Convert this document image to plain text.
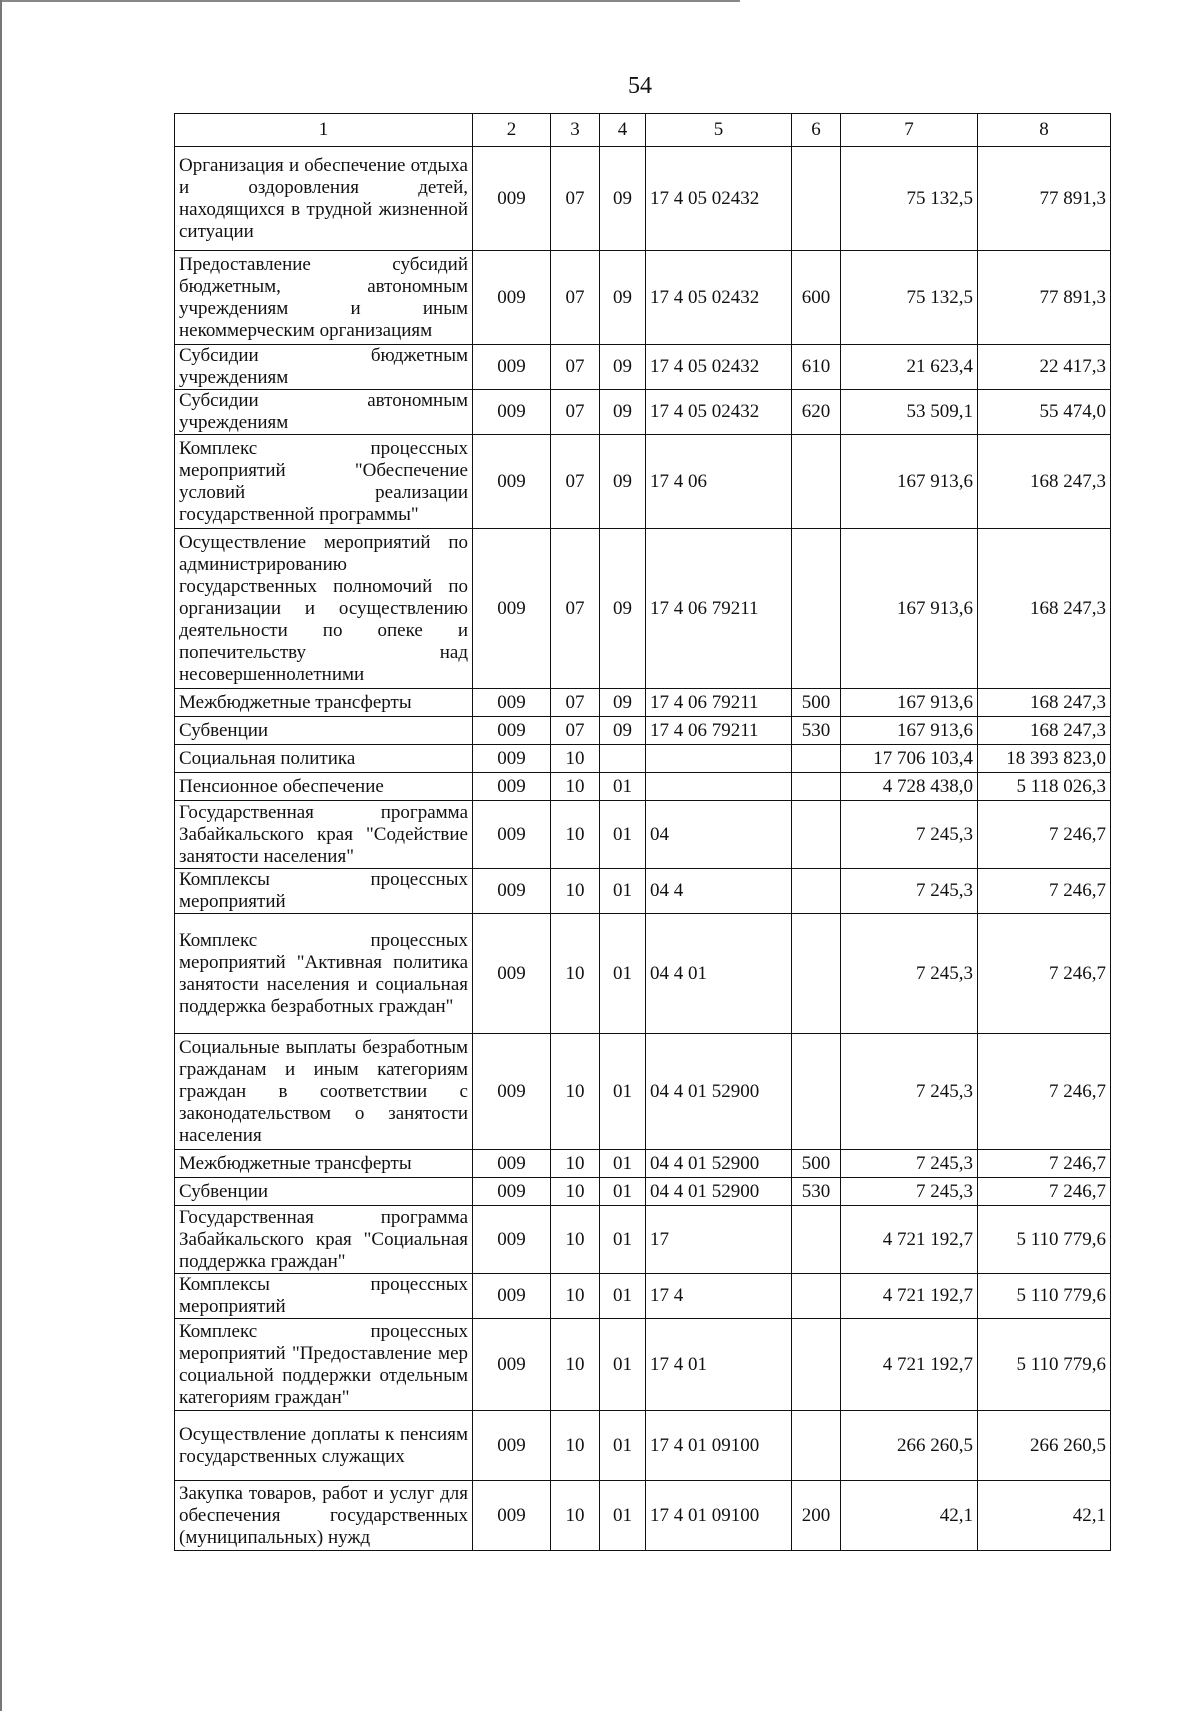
54
1	2	3	4	5	6	7	8
Организация и обеспечение отдыха и оздоровления детей, находящихся в трудной жизненной ситуации	009	07	09	17 4 05 02432		75 132,5	77 891,3
Предоставление субсидий бюджетным, автономным учреждениям и иным некоммерческим организациям	009	07	09	17 4 05 02432	600	75 132,5	77 891,3
Субсидии бюджетным учреждениям	009	07	09	17 4 05 02432	610	21 623,4	22 417,3
Субсидии автономным учреждениям	009	07	09	17 4 05 02432	620	53 509,1	55 474,0
Комплекс процессных мероприятий "Обеспечение условий реализации государственной программы"	009	07	09	17 4 06		167 913,6	168 247,3
Осуществление мероприятий по администрированию государственных полномочий по организации и осуществлению деятельности по опеке и попечительству над несовершеннолетними	009	07	09	17 4 06 79211		167 913,6	168 247,3
Межбюджетные трансферты	009	07	09	17 4 06 79211	500	167 913,6	168 247,3
Субвенции	009	07	09	17 4 06 79211	530	167 913,6	168 247,3
Социальная политика	009	10				17 706 103,4	18 393 823,0
Пенсионное обеспечение	009	10	01			4 728 438,0	5 118 026,3
Государственная программа Забайкальского края "Содействие занятости населения"	009	10	01	04		7 245,3	7 246,7
Комплексы процессных мероприятий	009	10	01	04 4		7 245,3	7 246,7
Комплекс процессных мероприятий "Активная политика занятости населения и социальная поддержка безработных граждан"	009	10	01	04 4 01		7 245,3	7 246,7
Социальные выплаты безработным гражданам и иным категориям граждан в соответствии с законодательством о занятости населения	009	10	01	04 4 01 52900		7 245,3	7 246,7
Межбюджетные трансферты	009	10	01	04 4 01 52900	500	7 245,3	7 246,7
Субвенции	009	10	01	04 4 01 52900	530	7 245,3	7 246,7
Государственная программа Забайкальского края "Социальная поддержка граждан"	009	10	01	17		4 721 192,7	5 110 779,6
Комплексы процессных мероприятий	009	10	01	17 4		4 721 192,7	5 110 779,6
Комплекс процессных мероприятий "Предоставление мер социальной поддержки отдельным категориям граждан"	009	10	01	17 4 01		4 721 192,7	5 110 779,6
Осуществление доплаты к пенсиям государственных служащих	009	10	01	17 4 01 09100		266 260,5	266 260,5
Закупка товаров, работ и услуг для обеспечения государственных (муниципальных) нужд	009	10	01	17 4 01 09100	200	42,1	42,1
